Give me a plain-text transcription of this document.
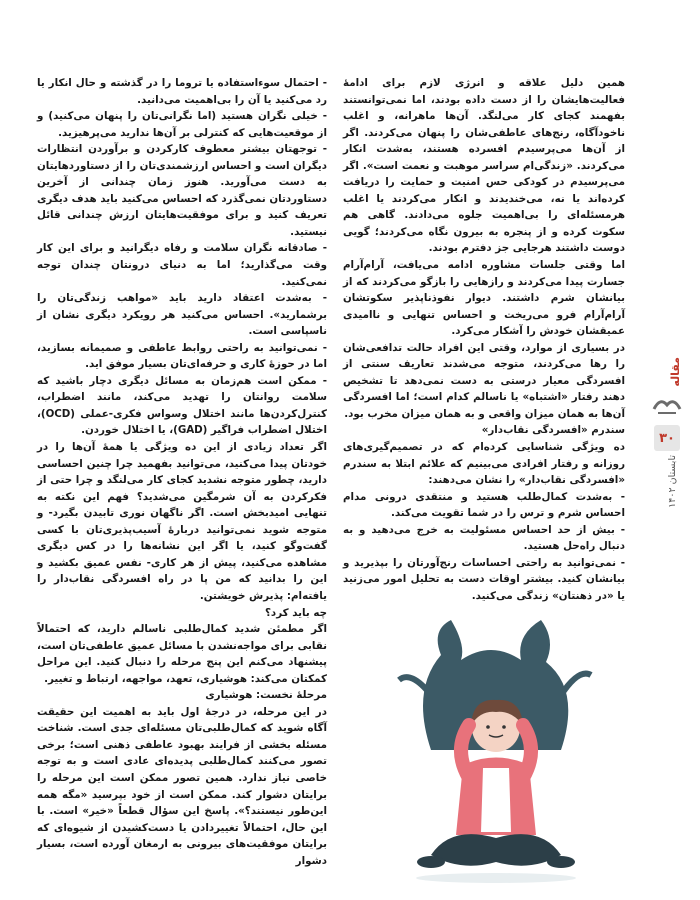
مقاله
۳۰
تابستان ۱۴۰۲

همین دلیل علاقه و انرژی لازم برای ادامهٔ فعالیت‌هایشان را از دست داده بودند، اما نمی‌توانستند بفهمند کجای کار می‌لنگد. آن‌ها ماهرانه، و اغلب ناخودآگاه، رنج‌های عاطفی‌شان را پنهان می‌کردند. اگر از آن‌ها می‌پرسیدم افسرده هستند، به‌شدت انکار می‌کردند. «زندگی‌ام سراسر موهبت و نعمت است». اگر می‌پرسیدم در کودکی حس امنیت و حمایت را دریافت کرده‌اند یا نه، می‌خندیدند و انکار می‌کردند یا اغلب هرمسئله‌ای را بی‌اهمیت جلوه می‌دادند. گاهی هم سکوت کرده و از پنجره به بیرون نگاه می‌کردند؛ گویی دوست داشتند هرجایی جز دفترم بودند.

اما وقتی جلسات مشاوره ادامه می‌یافت، آرام‌آرام جسارت پیدا می‌کردند و رازهایی را بازگو می‌کردند که از بیانشان شرم داشتند. دیوار نفوذناپذیر سکوتشان آرام‌آرام فرو می‌ریخت و احساس تنهایی و ناامیدی عمیقشان خودش را آشکار می‌کرد.

در بسیاری از موارد، وقتی این افراد حالت تدافعی‌شان را رها می‌کردند، متوجه می‌شدند تعاریف سنتی از افسردگی معیار درستی به دست نمی‌دهد تا تشخیص دهند رفتار «اشتباه» یا ناسالم کدام است؛ اما افسردگی آن‌ها به همان میزان واقعی و به همان میزان مخرب بود.

سندرم «افسردگی نقاب‌دار»

ده ویژگی شناسایی کرده‌ام که در تصمیم‌گیری‌های روزانه و رفتار افرادی می‌بینیم که علائم ابتلا به سندرم «افسردگی نقاب‌دار» را نشان می‌دهند:

- به‌شدت کمال‌طلب هستید و منتقدی درونی مدام احساس شرم و ترس را در شما تقویت می‌کند.

- بیش از حد احساس مسئولیت به خرج می‌دهید و به دنبال راه‌حل هستید.

- نمی‌توانید به راحتی احساسات رنج‌آورتان را بپذیرید و بیانشان کنید. بیشتر اوقات دست به تحلیل امور می‌زنید یا «در ذهنتان» زندگی می‌کنید.

- احتمال سوءاستفاده یا تروما را در گذشته و حال انکار یا رد می‌کنید یا آن را بی‌اهمیت می‌دانید.

- خیلی نگران هستید (اما نگرانی‌تان را پنهان می‌کنید) و از موقعیت‌هایی که کنترلی بر آن‌ها ندارید می‌پرهیزید.

- توجهتان بیشتر معطوف کارکردن و برآوردن انتظارات دیگران است و احساس ارزشمندی‌تان را از دستاوردهایتان به دست می‌آورید. هنوز زمان چندانی از آخرین دستاوردتان نمی‌گذرد که احساس می‌کنید باید هدف دیگری تعریف کنید و برای موفقیت‌هایتان ارزش چندانی قائل نیستید.

- صادقانه نگران سلامت و رفاه دیگرانید و برای این کار وقت می‌گذارید؛ اما به دنیای درونتان چندان توجه نمی‌کنید.

- به‌شدت اعتقاد دارید باید «مواهب زندگی‌تان را برشمارید». احساس می‌کنید هر رویکرد دیگری نشان از ناسپاسی است.

- نمی‌توانید به راحتی روابط عاطفی و صمیمانه بسازید، اما در حوزهٔ کاری و حرفه‌ای‌تان بسیار موفق اید.

- ممکن است هم‌زمان به مسائل دیگری دچار باشید که سلامت روانتان را تهدید می‌کند، مانند اضطراب، کنترل‌کردن‌ها مانند اختلال وسواس فکری-عملی (OCD)، اختلال اضطراب فراگیر (GAD)، یا اختلال خوردن.

اگر تعداد زیادی از این ده ویژگی یا همهٔ آن‌ها را در خودتان پیدا می‌کنید، می‌توانید بفهمید چرا چنین احساسی دارید، چطور متوجه نشدید کجای کار می‌لنگد و چرا حتی از فکرکردن به آن شرمگین می‌شدید؟ فهم این نکته به تنهایی امیدبخش است. اگر ناگهان نوری تابیدن بگیرد- و متوجه شوید نمی‌توانید دربارهٔ آسیب‌پذیری‌تان با کسی گفت‌وگو کنید، یا اگر این نشانه‌ها را در کس دیگری مشاهده می‌کنید، پیش از هر کاری- نفس عمیق بکشید و این را بدانید که من پا در راه افسردگی نقاب‌دار را یافته‌ام: پذیرش خویشتن.

چه باید کرد؟

اگر مطمئن شدید کمال‌طلبی ناسالم دارید، که احتمالاً نقابی برای مواجه‌نشدن با مسائل عمیق عاطفی‌تان است، پیشنهاد می‌کنم این پنج مرحله را دنبال کنید. این مراحل کمکتان می‌کند: هوشیاری، تعهد، مواجهه، ارتباط و تغییر.

مرحلهٔ نخست: هوشیاری

در این مرحله، در درجهٔ اول باید به اهمیت این حقیقت آگاه شوید که کمال‌طلبی‌تان مسئله‌ای جدی است. شناخت مسئله بخشی از فرایند بهبود عاطفی ذهنی است؛ برخی تصور می‌کنند کمال‌طلبی پدیده‌ای عادی است و به توجه خاصی نیاز ندارد. همین تصور ممکن است این مرحله را برایتان دشوار کند. ممکن است از خود بپرسید «مگه همه این‌طور نیستند؟». پاسخ این سؤال قطعاً «خیر» است. با این حال، احتمالاً تغییردادن یا دست‌کشیدن از شیوه‌ای که برایتان موفقیت‌های بیرونی به ارمغان آورده است، بسیار دشوار
